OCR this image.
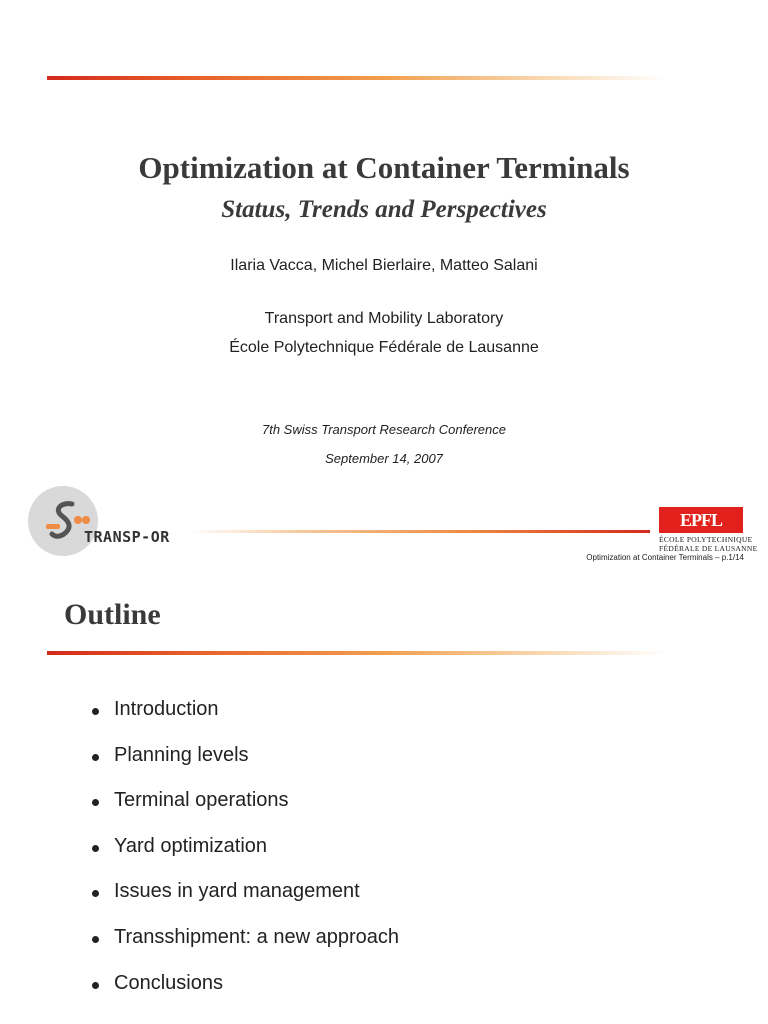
Optimization at Container Terminals
Status, Trends and Perspectives
Ilaria Vacca, Michel Bierlaire, Matteo Salani
Transport and Mobility Laboratory
École Polytechnique Fédérale de Lausanne
7th Swiss Transport Research Conference
September 14, 2007
TRANSP-OR
EPFL
ÉCOLE POLYTECHNIQUE
FÉDÉRALE DE LAUSANNE
Optimization at Container Terminals – p.1/14
Outline
Introduction
Planning levels
Terminal operations
Yard optimization
Issues in yard management
Transshipment: a new approach
Conclusions
